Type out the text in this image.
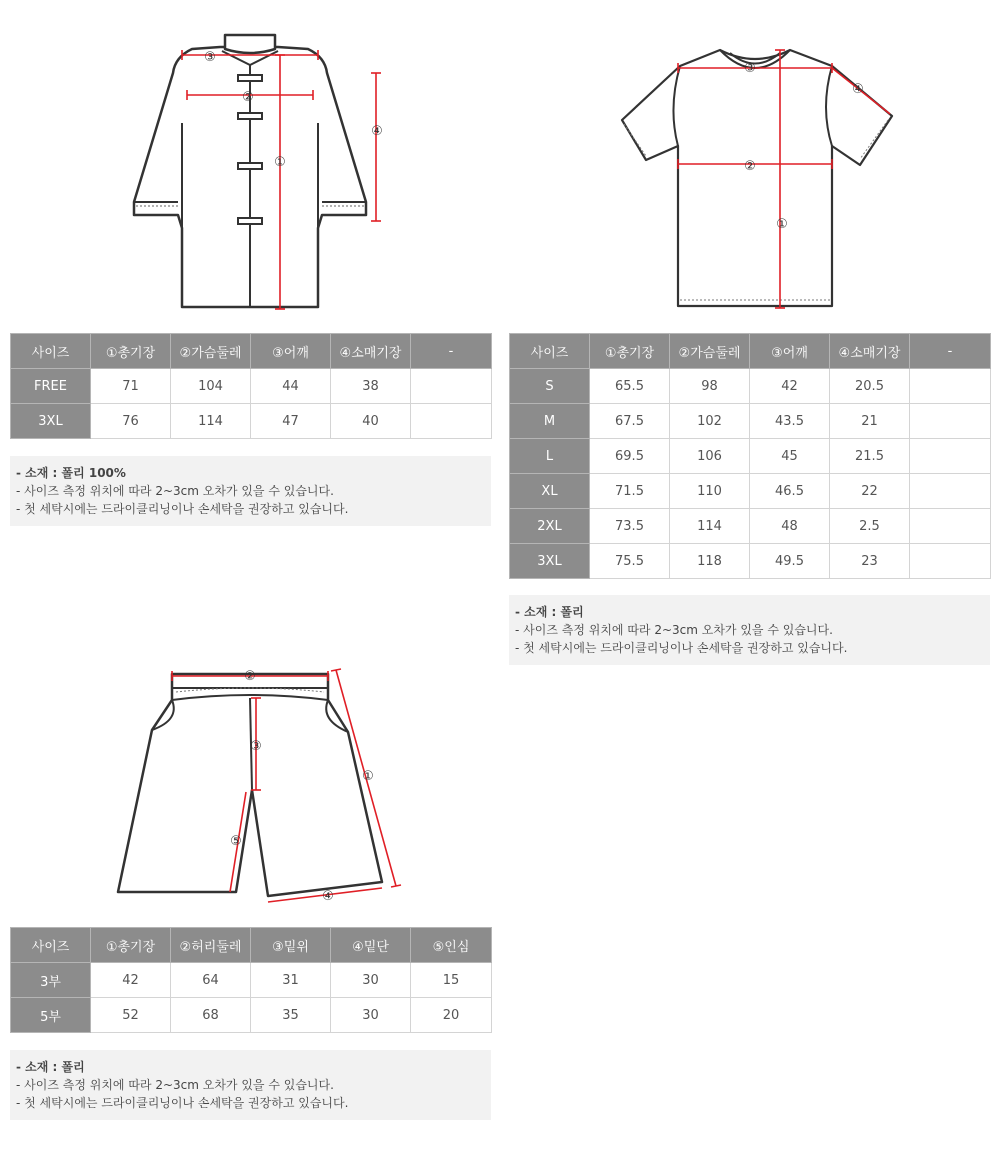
③
②
①
④
③
②
①
④
사이즈	①총기장	②가슴둘레	③어깨	④소매기장	-
FREE	71	104	44	38	
3XL	76	114	47	40	
- 소재 : 폴리 100%
- 사이즈 측정 위치에 따라 2~3cm 오차가 있을 수 있습니다.
- 첫 세탁시에는 드라이클리닝이나 손세탁을 권장하고 있습니다.
사이즈	①총기장	②가슴둘레	③어깨	④소매기장	-
S	65.5	98	42	20.5	
M	67.5	102	43.5	21	
L	69.5	106	45	21.5	
XL	71.5	110	46.5	22	
2XL	73.5	114	48	2.5	
3XL	75.5	118	49.5	23	
- 소재 : 폴리
- 사이즈 측정 위치에 따라 2~3cm 오차가 있을 수 있습니다.
- 첫 세탁시에는 드라이클리닝이나 손세탁을 권장하고 있습니다.
②
③
①
⑤
④
사이즈	①총기장	②허리둘레	③밑위	④밑단	⑤인심
3부	42	64	31	30	15
5부	52	68	35	30	20
- 소재 : 폴리
- 사이즈 측정 위치에 따라 2~3cm 오차가 있을 수 있습니다.
- 첫 세탁시에는 드라이클리닝이나 손세탁을 권장하고 있습니다.
